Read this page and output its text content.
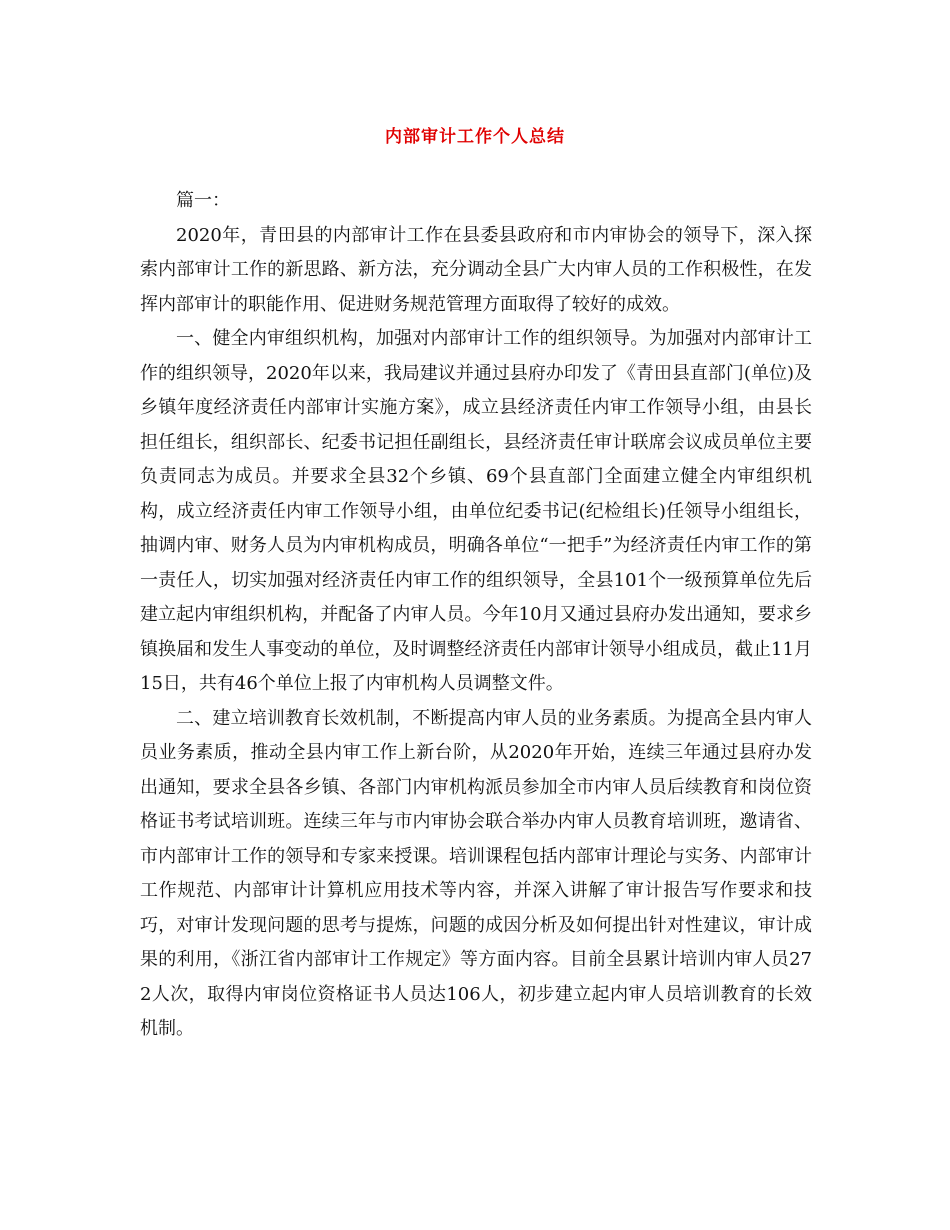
内部审计工作个人总结

篇一：

2020年，青田县的内部审计工作在县委县政府和市内审协会的领导下，深入探索内部审计工作的新思路、新方法，充分调动全县广大内审人员的工作积极性，在发挥内部审计的职能作用、促进财务规范管理方面取得了较好的成效。

一、健全内审组织机构，加强对内部审计工作的组织领导。为加强对内部审计工作的组织领导，2020年以来，我局建议并通过县府办印发了《青田县直部门(单位)及乡镇年度经济责任内部审计实施方案》，成立县经济责任内审工作领导小组，由县长担任组长，组织部长、纪委书记担任副组长，县经济责任审计联席会议成员单位主要负责同志为成员。并要求全县32个乡镇、69个县直部门全面建立健全内审组织机构，成立经济责任内审工作领导小组，由单位纪委书记(纪检组长)任领导小组组长，抽调内审、财务人员为内审机构成员，明确各单位“一把手”为经济责任内审工作的第一责任人，切实加强对经济责任内审工作的组织领导，全县101个一级预算单位先后建立起内审组织机构，并配备了内审人员。今年10月又通过县府办发出通知，要求乡镇换届和发生人事变动的单位，及时调整经济责任内部审计领导小组成员，截止11月15日，共有46个单位上报了内审机构人员调整文件。

二、建立培训教育长效机制，不断提高内审人员的业务素质。为提高全县内审人员业务素质，推动全县内审工作上新台阶，从2020年开始，连续三年通过县府办发出通知，要求全县各乡镇、各部门内审机构派员参加全市内审人员后续教育和岗位资格证书考试培训班。连续三年与市内审协会联合举办内审人员教育培训班，邀请省、市内部审计工作的领导和专家来授课。培训课程包括内部审计理论与实务、内部审计工作规范、内部审计计算机应用技术等内容，并深入讲解了审计报告写作要求和技巧，对审计发现问题的思考与提炼，问题的成因分析及如何提出针对性建议，审计成果的利用，《浙江省内部审计工作规定》等方面内容。目前全县累计培训内审人员272人次，取得内审岗位资格证书人员达106人，初步建立起内审人员培训教育的长效机制。
